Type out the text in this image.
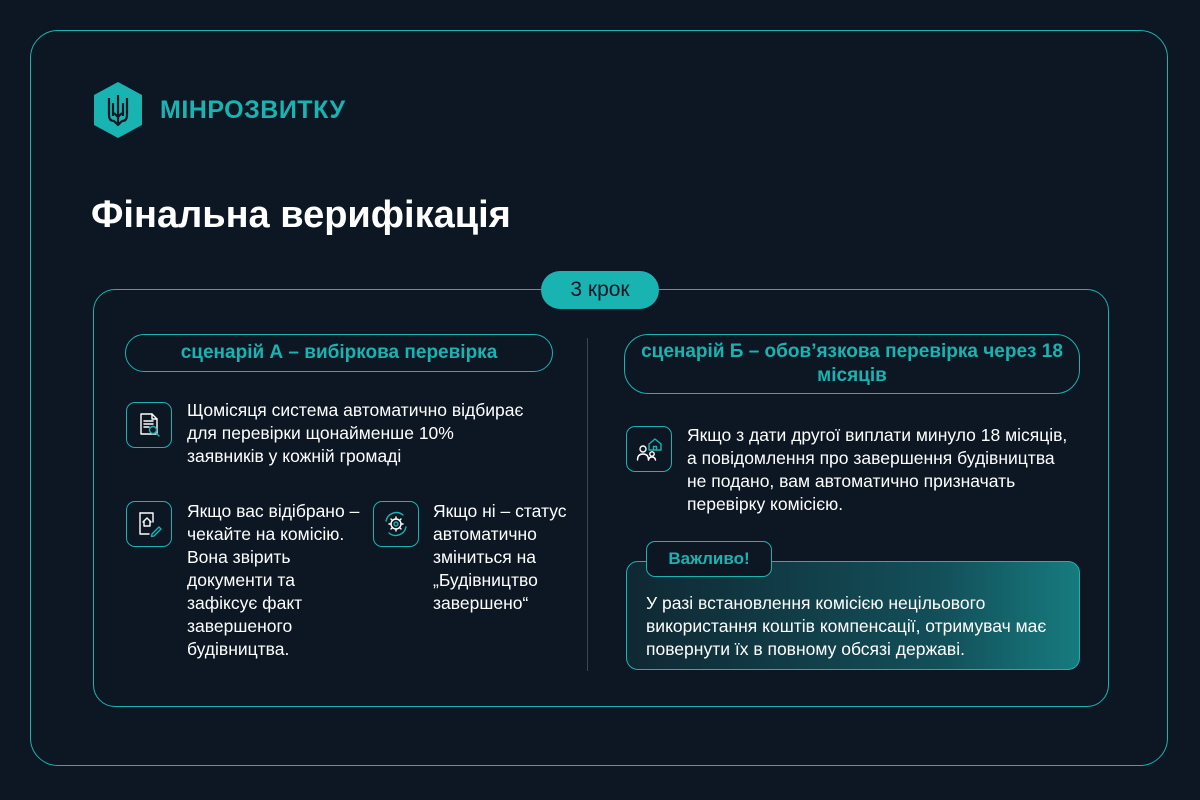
МІНРОЗВИТКУ
Фінальна верифікація
3 крок
сценарій А – вибіркова перевірка
Щомісяця система автоматично відбирає для перевірки щонайменше 10% заявників у кожній громаді
Якщо вас відібрано – чекайте на комісію. Вона звірить документи та зафіксує факт завершеного будівництва.
Якщо ні – статус автоматично зміниться на „Будівництво завершено“
сценарій Б – обов’язкова перевірка через 18 місяців
Якщо з дати другої виплати минуло 18 місяців, а повідомлення про завершення будівництва не подано, вам автоматично призначать перевірку комісією.
Важливо!
У разі встановлення комісією нецільового використання коштів компенсації, отримувач має повернути їх в повному обсязі державі.
